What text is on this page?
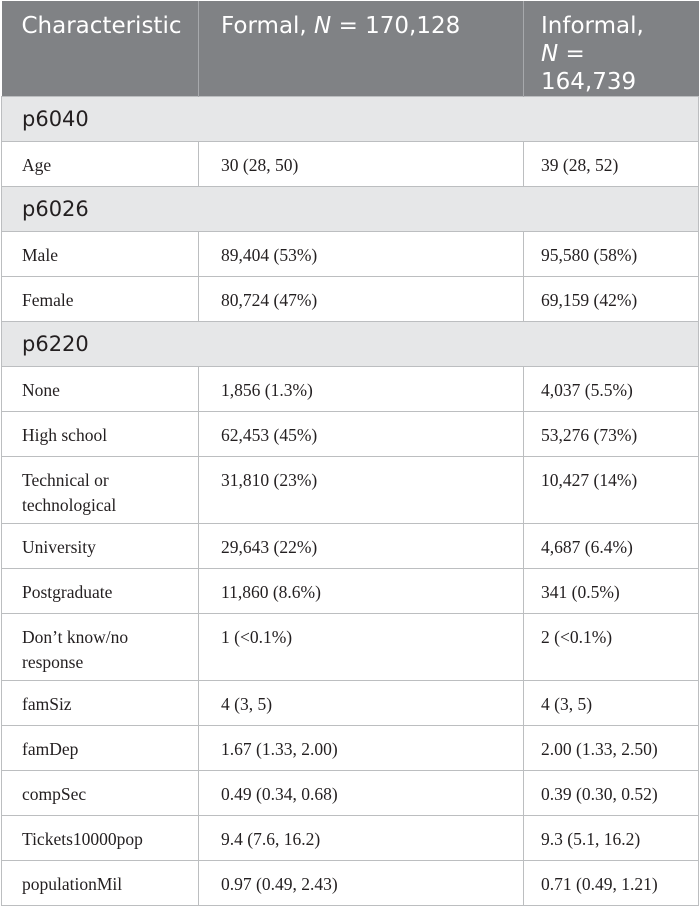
Characteristic	Formal, N = 170,128	Informal,
N = 164,739
p6040		
Age	30 (28, 50)	39 (28, 52)
p6026		
Male	89,404 (53%)	95,580 (58%)
Female	80,724 (47%)	69,159 (42%)
p6220		
None	1,856 (1.3%)	4,037 (5.5%)
High school	62,453 (45%)	53,276 (73%)
Technical or technological	31,810 (23%)	10,427 (14%)
University	29,643 (22%)	4,687 (6.4%)
Postgraduate	11,860 (8.6%)	341 (0.5%)
Don’t know/no response	1 (<0.1%)	2 (<0.1%)
famSiz	4 (3, 5)	4 (3, 5)
famDep	1.67 (1.33, 2.00)	2.00 (1.33, 2.50)
compSec	0.49 (0.34, 0.68)	0.39 (0.30, 0.52)
Tickets10000pop	9.4 (7.6, 16.2)	9.3 (5.1, 16.2)
populationMil	0.97 (0.49, 2.43)	0.71 (0.49, 1.21)
